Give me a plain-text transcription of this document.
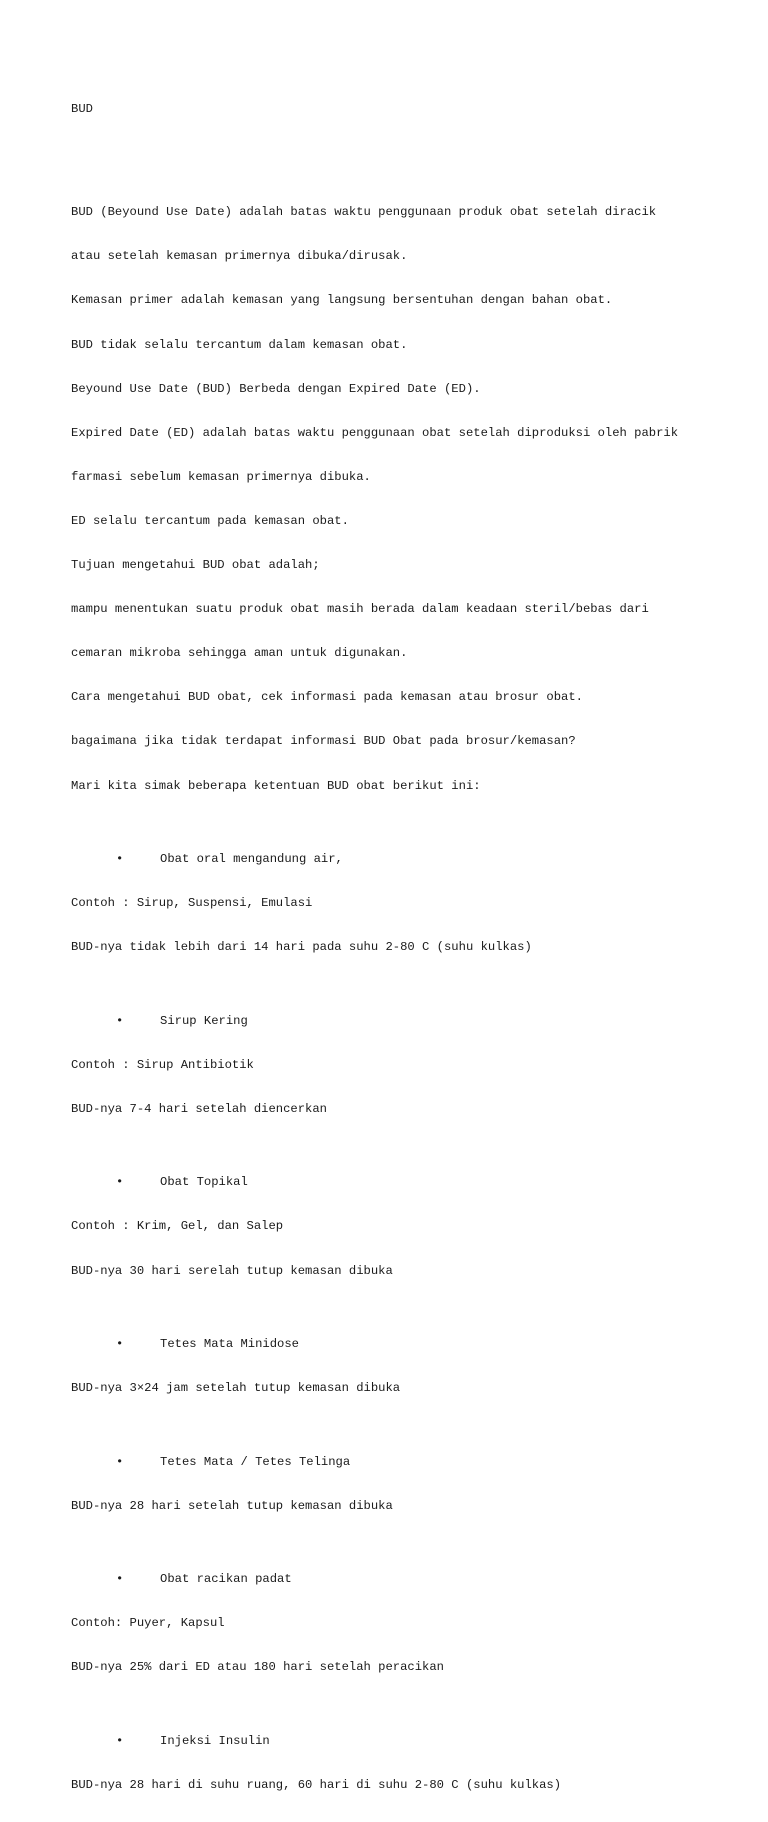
BUD

BUD (Beyound Use Date) adalah batas waktu penggunaan produk obat setelah diracik

atau setelah kemasan primernya dibuka/dirusak.

Kemasan primer adalah kemasan yang langsung bersentuhan dengan bahan obat.

BUD tidak selalu tercantum dalam kemasan obat.

Beyound Use Date (BUD) Berbeda dengan Expired Date (ED).

Expired Date (ED) adalah batas waktu penggunaan obat setelah diproduksi oleh pabrik

farmasi sebelum kemasan primernya dibuka.

ED selalu tercantum pada kemasan obat.

Tujuan mengetahui BUD obat adalah;

mampu menentukan suatu produk obat masih berada dalam keadaan steril/bebas dari

cemaran mikroba sehingga aman untuk digunakan.

Cara mengetahui BUD obat, cek informasi pada kemasan atau brosur obat.

bagaimana jika tidak terdapat informasi BUD Obat pada brosur/kemasan?

Mari kita simak beberapa ketentuan BUD obat berikut ini:

•

	Obat oral mengandung air,

Contoh : Sirup, Suspensi, Emulasi

BUD-nya tidak lebih dari 14 hari pada suhu 2-80 C (suhu kulkas)

•

	Sirup Kering

Contoh : Sirup Antibiotik

BUD-nya 7-4 hari setelah diencerkan

•

	Obat Topikal

Contoh : Krim, Gel, dan Salep

BUD-nya 30 hari serelah tutup kemasan dibuka

•

	Tetes Mata Minidose

BUD-nya 3×24 jam setelah tutup kemasan dibuka

•

	Tetes Mata / Tetes Telinga

BUD-nya 28 hari setelah tutup kemasan dibuka

•

	Obat racikan padat

Contoh: Puyer, Kapsul

BUD-nya 25% dari ED atau 180 hari setelah peracikan

•

	Injeksi Insulin

BUD-nya 28 hari di suhu ruang, 60 hari di suhu 2-80 C (suhu kulkas)
